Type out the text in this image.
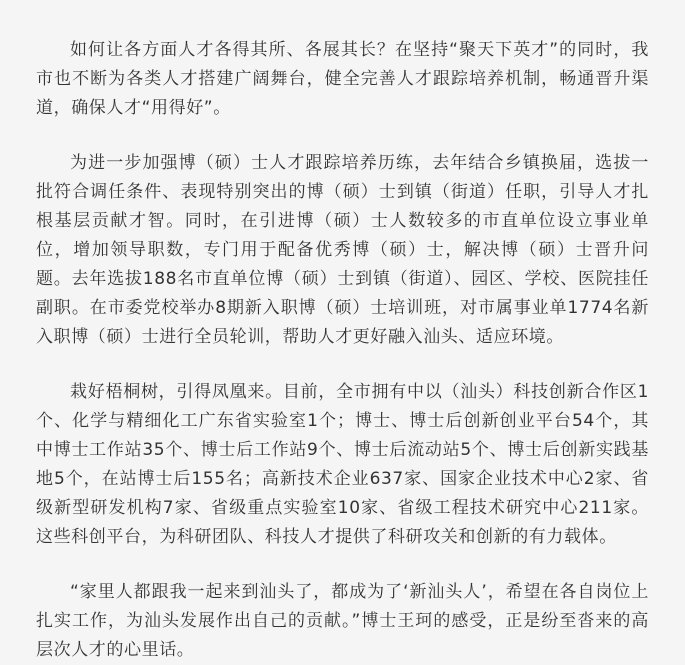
如何让各方面人才各得其所、各展其长？在坚持“聚天下英才”的同时，我市也不断为各类人才搭建广阔舞台，健全完善人才跟踪培养机制，畅通晋升渠道，确保人才“用得好”。

为进一步加强博（硕）士人才跟踪培养历练，去年结合乡镇换届，选拔一批符合调任条件、表现特别突出的博（硕）士到镇（街道）任职，引导人才扎根基层贡献才智。同时，在引进博（硕）士人数较多的市直单位设立事业单位，增加领导职数，专门用于配备优秀博（硕）士，解决博（硕）士晋升问题。去年选拔188名市直单位博（硕）士到镇（街道）、园区、学校、医院挂任副职。在市委党校举办8期新入职博（硕）士培训班，对市属事业单1774名新入职博（硕）士进行全员轮训，帮助人才更好融入汕头、适应环境。

栽好梧桐树，引得凤凰来。目前，全市拥有中以（汕头）科技创新合作区1个、化学与精细化工广东省实验室1个；博士、博士后创新创业平台54个，其中博士工作站35个、博士后工作站9个、博士后流动站5个、博士后创新实践基地5个，在站博士后155名；高新技术企业637家、国家企业技术中心2家、省级新型研发机构7家、省级重点实验室10家、省级工程技术研究中心211家。这些科创平台，为科研团队、科技人才提供了科研攻关和创新的有力载体。

“家里人都跟我一起来到汕头了，都成为了‘新汕头人’，希望在各自岗位上扎实工作，为汕头发展作出自己的贡献。”博士王珂的感受，正是纷至沓来的高层次人才的心里话。
